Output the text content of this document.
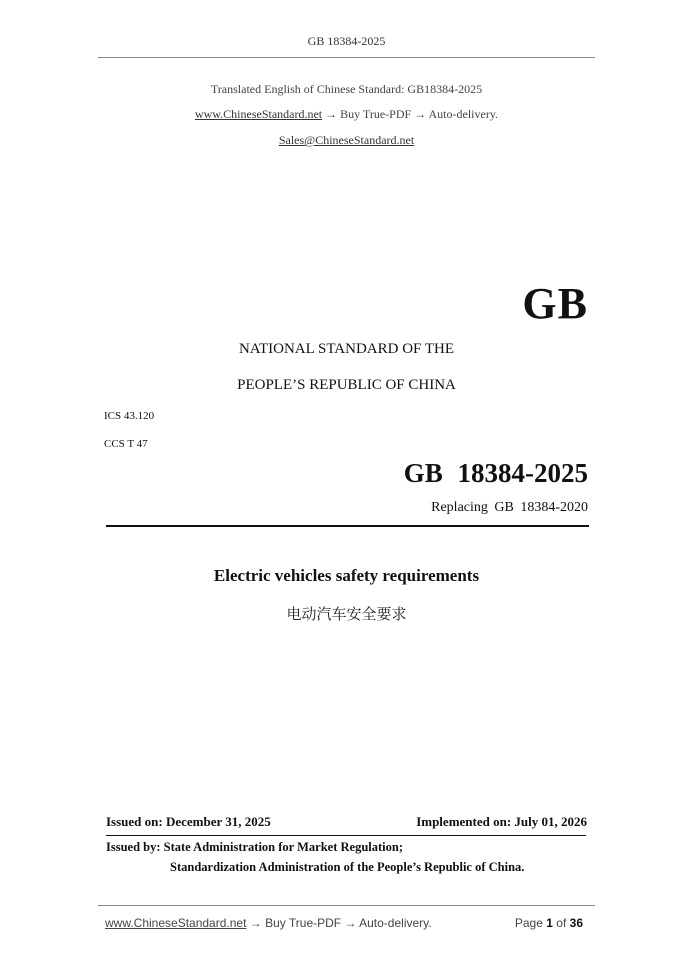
GB 18384-2025
Translated English of Chinese Standard: GB18384-2025
www.ChineseStandard.net → Buy True-PDF → Auto-delivery.
Sales@ChineseStandard.net
GB
NATIONAL STANDARD OF THE
PEOPLE’S REPUBLIC OF CHINA
ICS 43.120
CCS T 47
GB 18384-2025
Replacing GB 18384-2020
Electric vehicles safety requirements
电动汽车安全要求
Issued on: December 31, 2025	Implemented on: July 01, 2026
Issued by: State Administration for Market Regulation;
Standardization Administration of the People’s Republic of China.
www.ChineseStandard.net → Buy True-PDF → Auto-delivery.	Page 1 of 36
